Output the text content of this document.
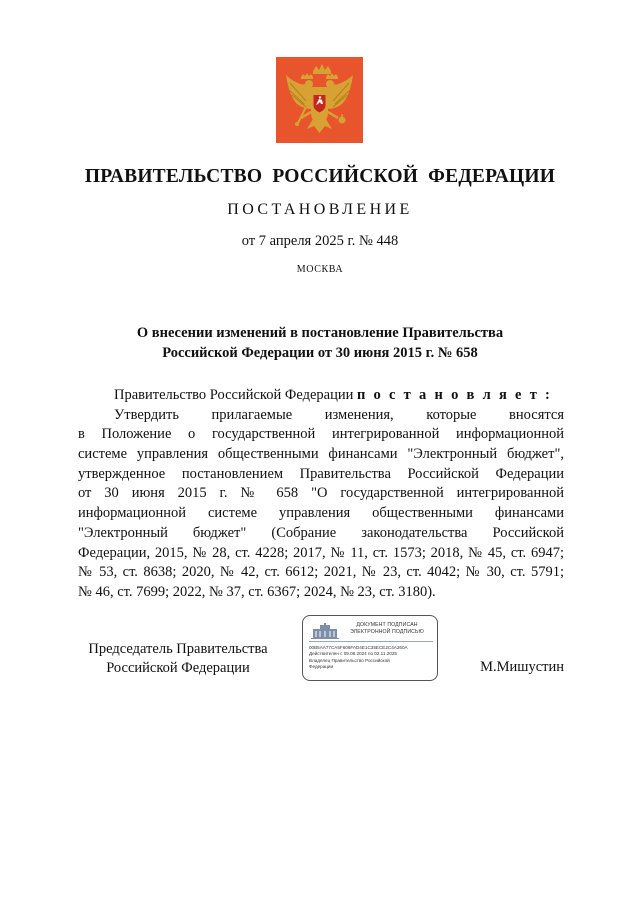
ПРАВИТЕЛЬСТВО РОССИЙСКОЙ ФЕДЕРАЦИИ
ПОСТАНОВЛЕНИЕ
от 7 апреля 2025 г. № 448
МОСКВА
О внесении изменений в постановление Правительства
Российской Федерации от 30 июня 2015 г. № 658
Правительство Российской Федерации п о с т а н о в л я е т :
Утвердить прилагаемые изменения, которые вносятся
в Положение о государственной интегрированной информационной
системе управления общественными финансами "Электронный бюджет",
утвержденное постановлением Правительства Российской Федерации
от 30 июня 2015 г. № 658 "О государственной интегрированной
информационной системе управления общественными финансами
"Электронный бюджет" (Собрание законодательства Российской
Федерации, 2015, № 28, ст. 4228; 2017, № 11, ст. 1573; 2018, № 45, ст. 6947;
№ 53, ст. 8638; 2020, № 42, ст. 6612; 2021, № 23, ст. 4042; № 30, ст. 5791;
№ 46, ст. 7699; 2022, № 37, ст. 6367; 2024, № 23, ст. 3180).
Председатель Правительства
Российской Федерации
ДОКУМЕНТ ПОДПИСАН
ЭЛЕКТРОННОЙ ПОДПИСЬЮ
00B5AA77CA5F606FAD4E1C35ECE2C4A260A
Действителен с 09.08.2024 по 02.11.2025
Владелец Правительство Российской
Федерации	М.Мишустин
